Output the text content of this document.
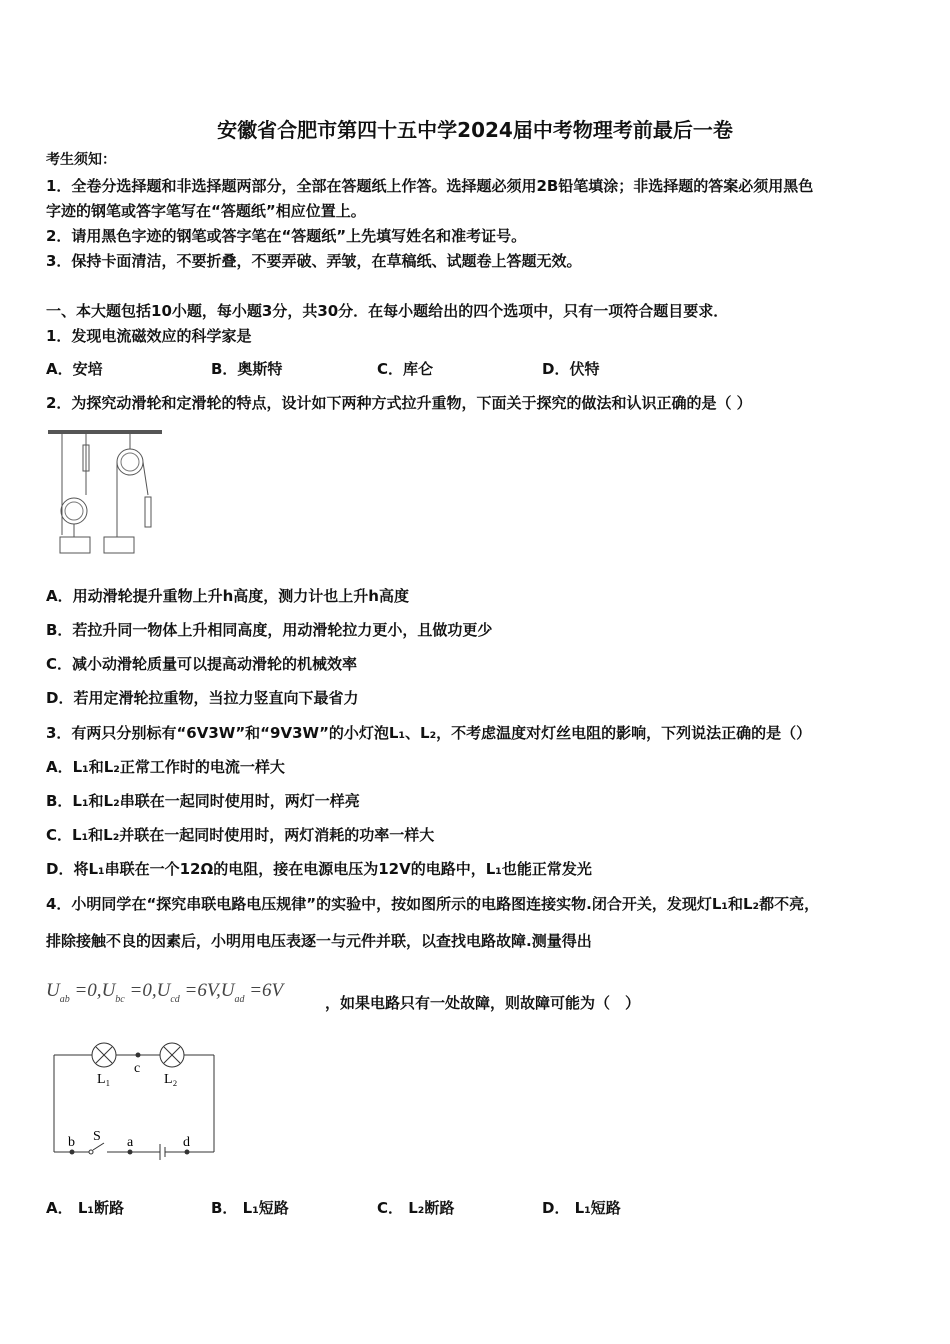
安徽省合肥市第四十五中学2024届中考物理考前最后一卷
考生须知：
1．全卷分选择题和非选择题两部分，全部在答题纸上作答。选择题必须用2B铅笔填涂；非选择题的答案必须用黑色
字迹的钢笔或答字笔写在“答题纸”相应位置上。
2．请用黑色字迹的钢笔或答字笔在“答题纸”上先填写姓名和准考证号。
3．保持卡面清洁，不要折叠，不要弄破、弄皱，在草稿纸、试题卷上答题无效。
一、本大题包括10小题，每小题3分，共30分．在每小题给出的四个选项中，只有一项符合题目要求．
1．发现电流磁效应的科学家是
A．安培	B．奥斯特	C．库仑	D．伏特
2．为探究动滑轮和定滑轮的特点，设计如下两种方式拉升重物，下面关于探究的做法和认识正确的是（ ）
A．用动滑轮提升重物上升h高度，测力计也上升h高度
B．若拉升同一物体上升相同高度，用动滑轮拉力更小，且做功更少
C．减小动滑轮质量可以提高动滑轮的机械效率
D．若用定滑轮拉重物，当拉力竖直向下最省力
3．有两只分别标有“6V3W”和“9V3W”的小灯泡L₁、L₂，不考虑温度对灯丝电阻的影响，下列说法正确的是（）
A．L₁和L₂正常工作时的电流一样大
B．L₁和L₂串联在一起同时使用时，两灯一样亮
C．L₁和L₂并联在一起同时使用时，两灯消耗的功率一样大
D．将L₁串联在一个12Ω的电阻，接在电源电压为12V的电路中，L₁也能正常发光
4．小明同学在“探究串联电路电压规律”的实验中，按如图所示的电路图连接实物.闭合开关，发现灯L₁和L₂都不亮，
排除接触不良的因素后，小明用电压表逐一与元件并联，以查找电路故障.测量得出
$U_{ab} =0,U_{bc} =0,U_{cd} =6V,U_{ad} =6V$
，如果电路只有一处故障，则故障可能为（　）
L₁
c
L₂
b S a	d
A． L₁断路	B． L₁短路	C． L₂断路	D． L₁短路
